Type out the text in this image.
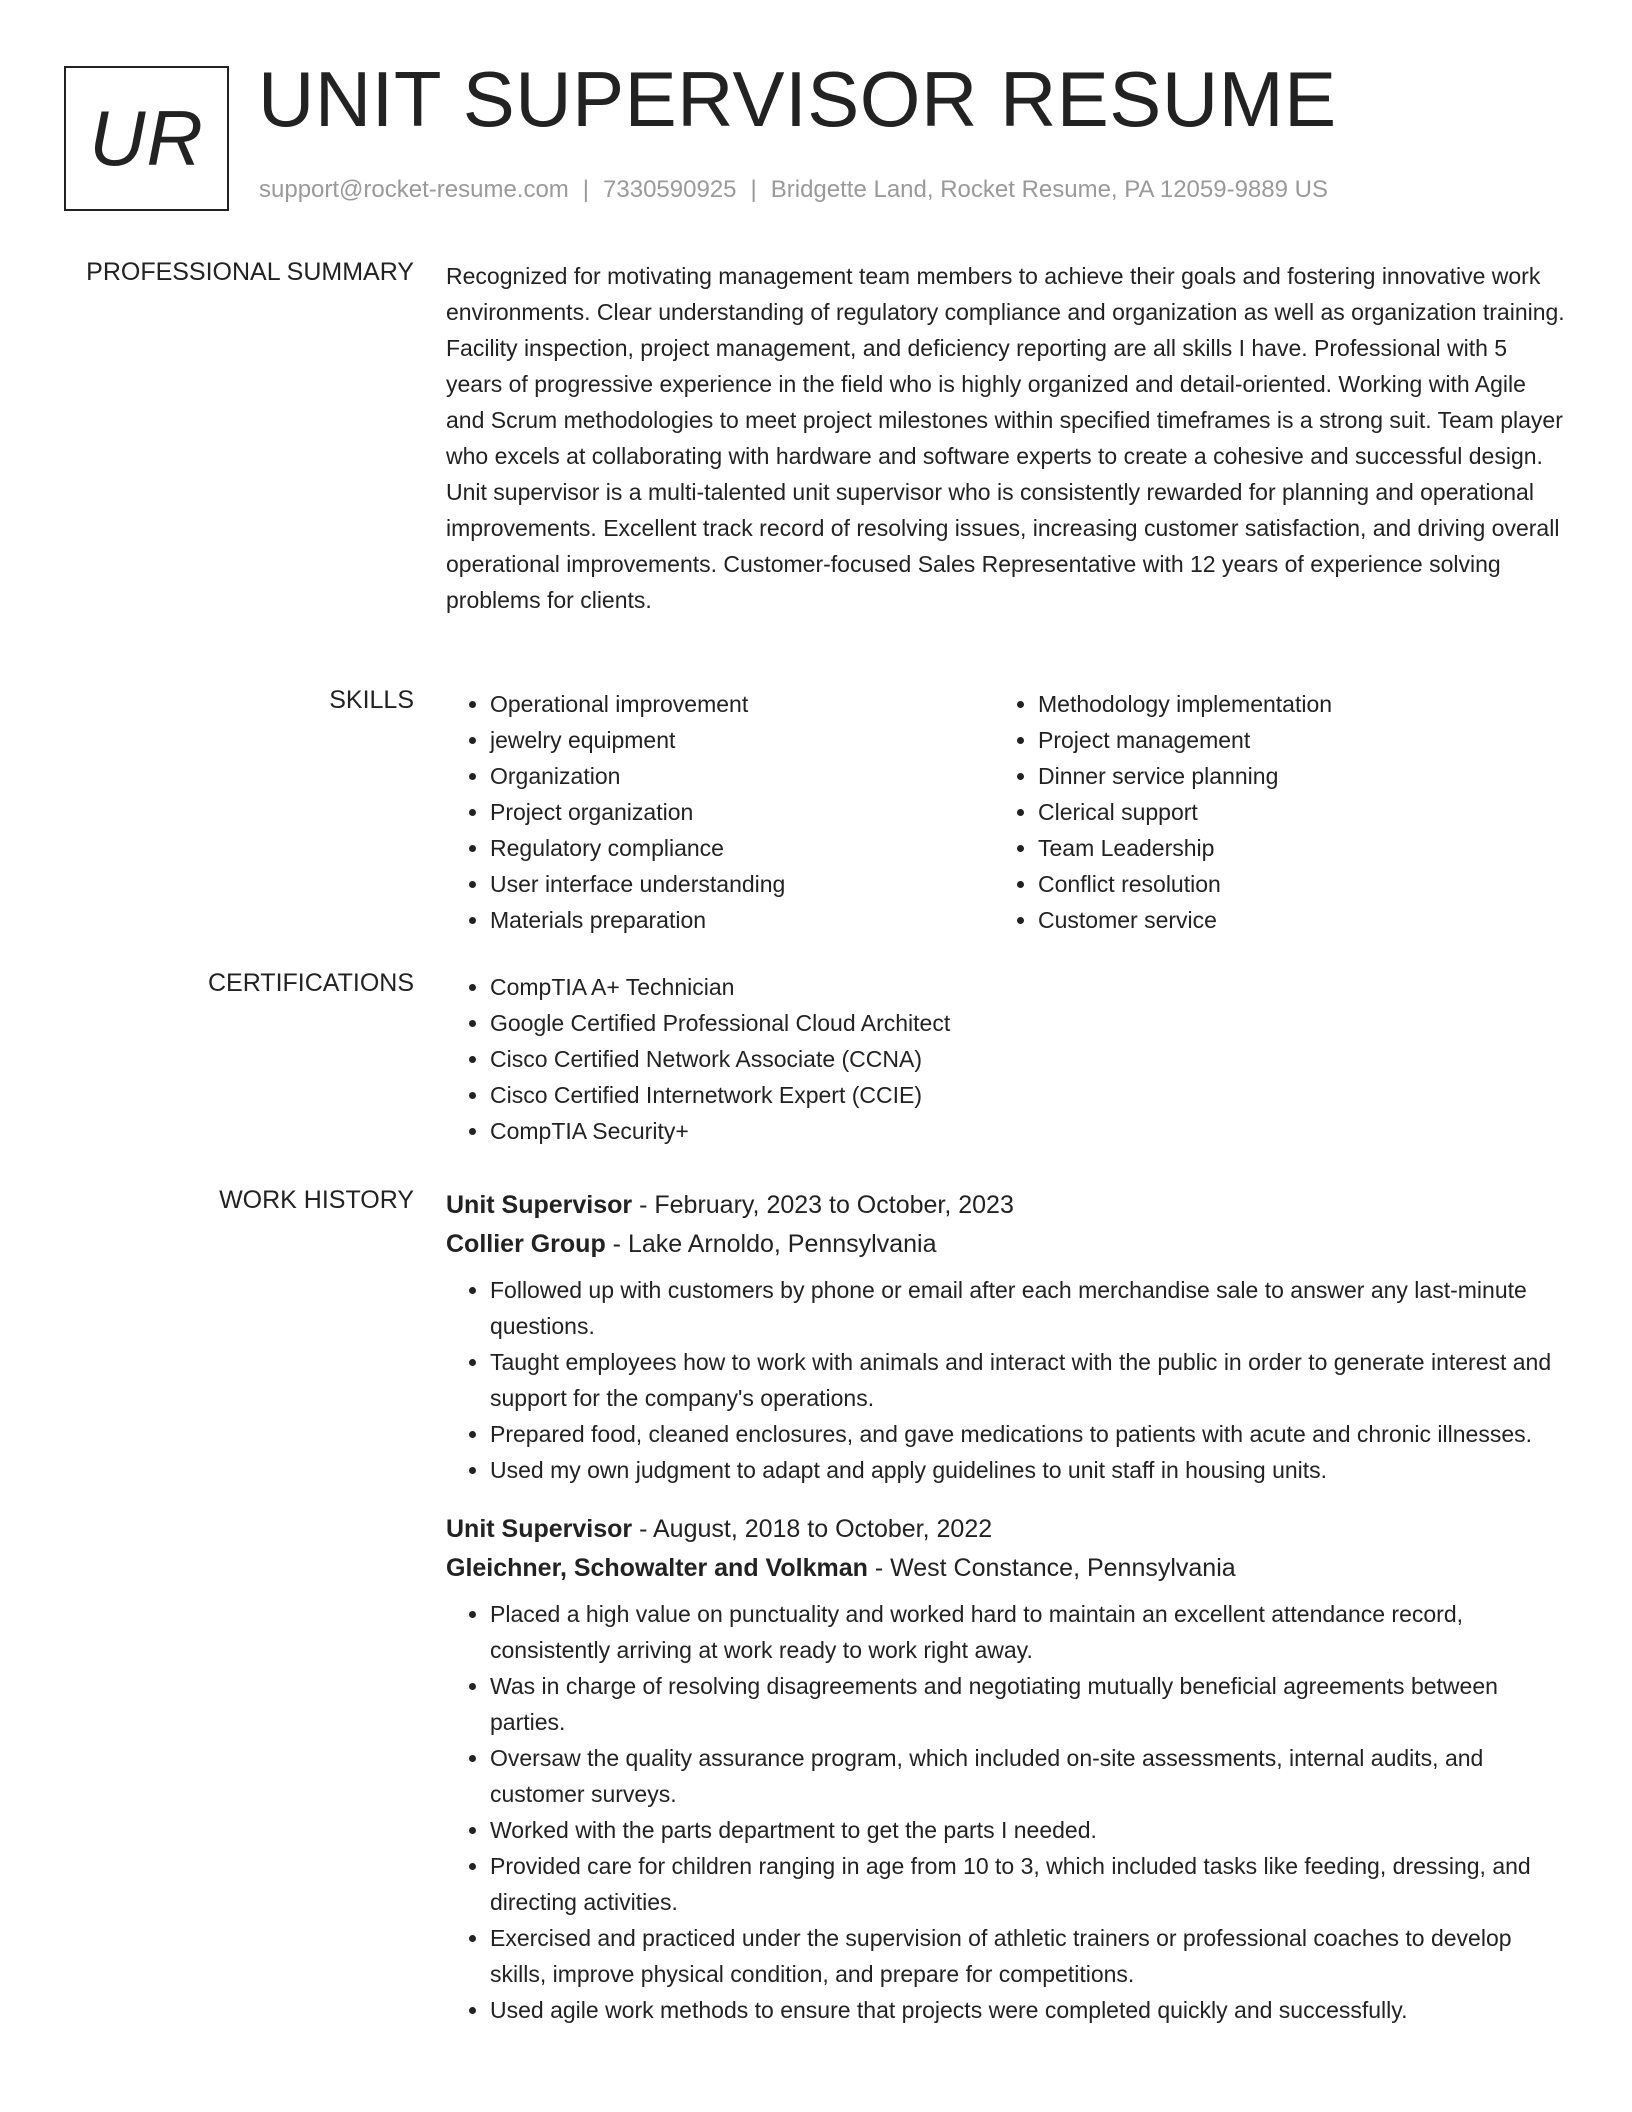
UR UNIT SUPERVISOR RESUME
support@rocket-resume.com | 7330590925 | Bridgette Land, Rocket Resume, PA 12059-9889 US
PROFESSIONAL SUMMARY Recognized for motivating management team members to achieve their goals and fostering innovative work environments. Clear understanding of regulatory compliance and organization as well as organization training. Facility inspection, project management, and deficiency reporting are all skills I have. Professional with 5 years of progressive experience in the field who is highly organized and detail-oriented. Working with Agile and Scrum methodologies to meet project milestones within specified timeframes is a strong suit. Team player who excels at collaborating with hardware and software experts to create a cohesive and successful design. Unit supervisor is a multi-talented unit supervisor who is consistently rewarded for planning and operational improvements. Excellent track record of resolving issues, increasing customer satisfaction, and driving overall operational improvements. Customer-focused Sales Representative with 12 years of experience solving problems for clients.
SKILLS	• Operational improvement
• jewelry equipment
• Organization
• Project organization
• Regulatory compliance
• User interface understanding
• Materials preparation
• Methodology implementation
• Project management
• Dinner service planning
• Clerical support
• Team Leadership
• Conflict resolution
• Customer service
CERTIFICATIONS	• CompTIA A+ Technician
• Google Certified Professional Cloud Architect
• Cisco Certified Network Associate (CCNA)
• Cisco Certified Internetwork Expert (CCIE)
• CompTIA Security+
WORK HISTORY Unit Supervisor - February, 2023 to October, 2023
Collier Group - Lake Arnoldo, Pennsylvania
• Followed up with customers by phone or email after each merchandise sale to answer any last-minute questions.
• Taught employees how to work with animals and interact with the public in order to generate interest and support for the company's operations.
• Prepared food, cleaned enclosures, and gave medications to patients with acute and chronic illnesses.
• Used my own judgment to adapt and apply guidelines to unit staff in housing units.
Unit Supervisor - August, 2018 to October, 2022
Gleichner, Schowalter and Volkman - West Constance, Pennsylvania
• Placed a high value on punctuality and worked hard to maintain an excellent attendance record, consistently arriving at work ready to work right away.
• Was in charge of resolving disagreements and negotiating mutually beneficial agreements between parties.
• Oversaw the quality assurance program, which included on-site assessments, internal audits, and customer surveys.
• Worked with the parts department to get the parts I needed.
• Provided care for children ranging in age from 10 to 3, which included tasks like feeding, dressing, and directing activities.
• Exercised and practiced under the supervision of athletic trainers or professional coaches to develop skills, improve physical condition, and prepare for competitions.
• Used agile work methods to ensure that projects were completed quickly and successfully.
